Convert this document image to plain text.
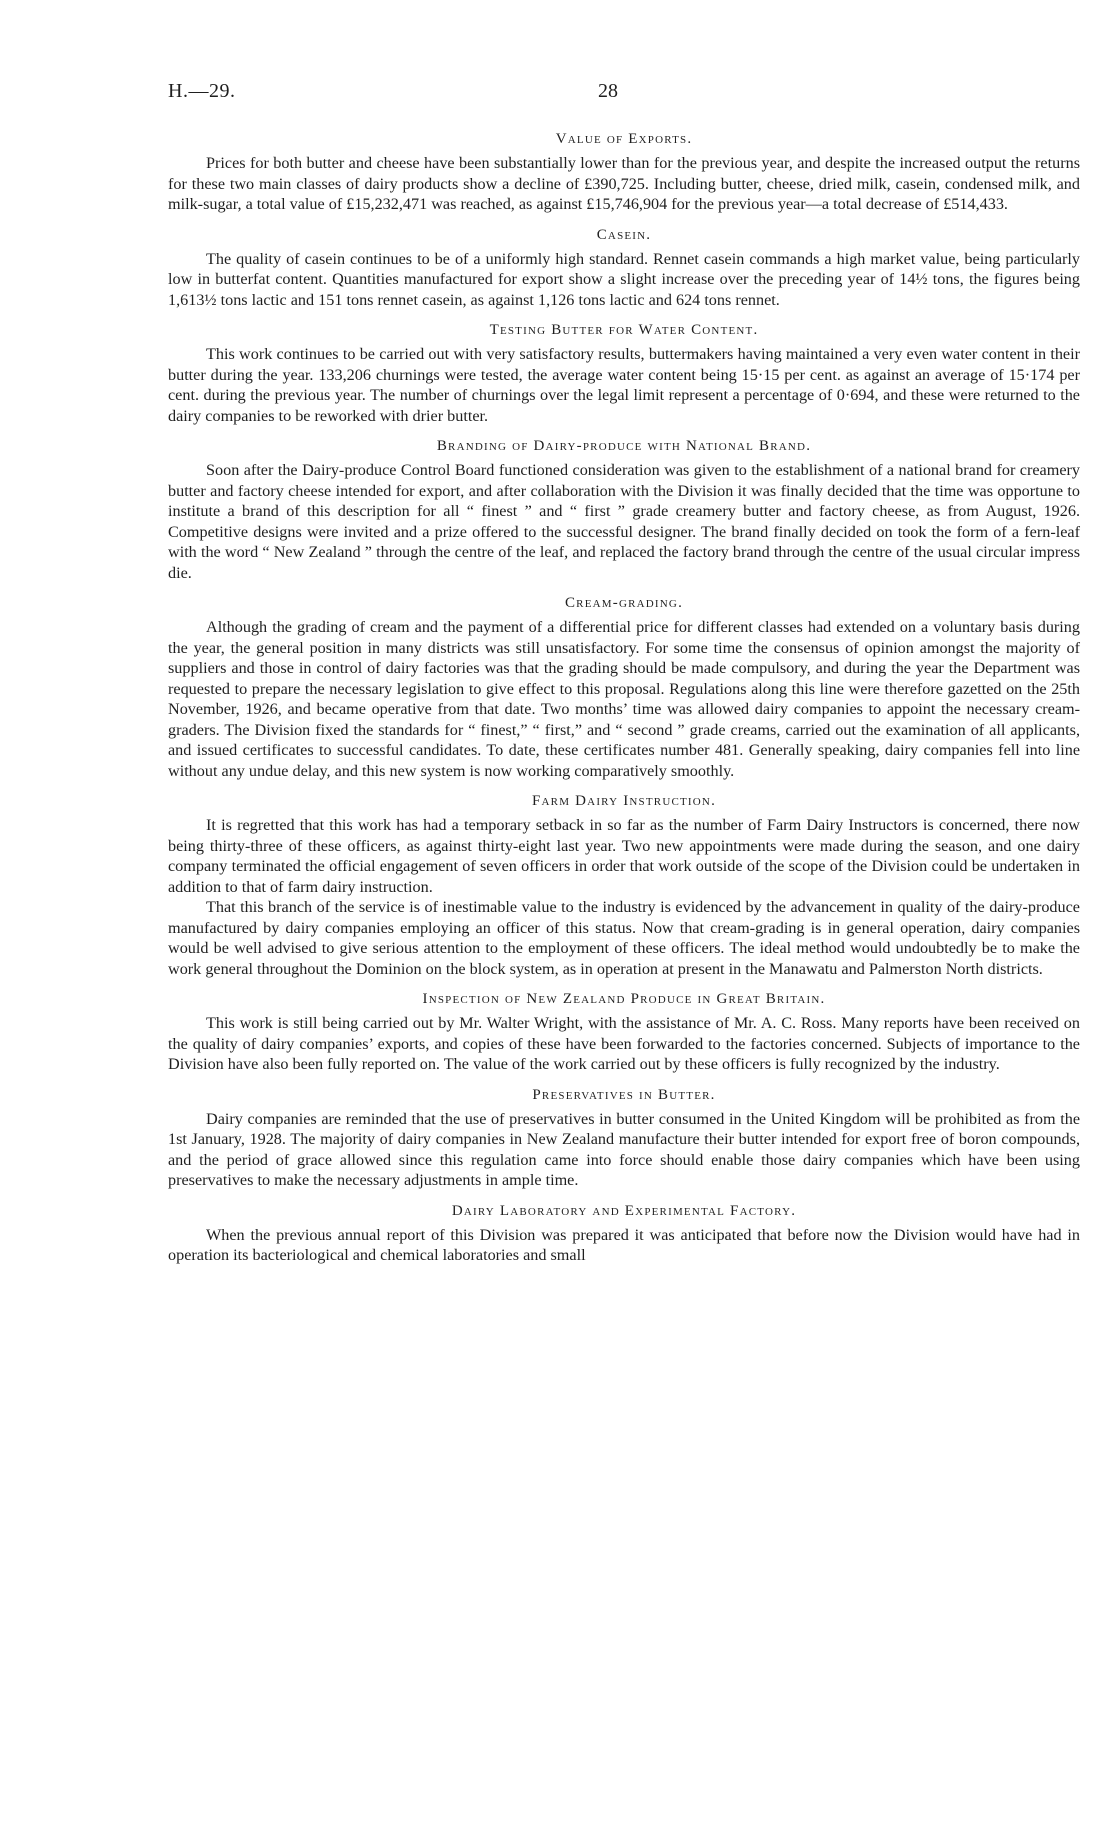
H.—29.	28
Value of Exports.

Prices for both butter and cheese have been substantially lower than for the previous year, and despite the increased output the returns for these two main classes of dairy products show a decline of £390,725. Including butter, cheese, dried milk, casein, condensed milk, and milk-sugar, a total value of £15,232,471 was reached, as against £15,746,904 for the previous year—a total decrease of £514,433.

Casein.

The quality of casein continues to be of a uniformly high standard. Rennet casein commands a high market value, being particularly low in butterfat content. Quantities manufactured for export show a slight increase over the preceding year of 14½ tons, the figures being 1,613½ tons lactic and 151 tons rennet casein, as against 1,126 tons lactic and 624 tons rennet.

Testing Butter for Water Content.

This work continues to be carried out with very satisfactory results, buttermakers having maintained a very even water content in their butter during the year. 133,206 churnings were tested, the average water content being 15·15 per cent. as against an average of 15·174 per cent. during the previous year. The number of churnings over the legal limit represent a percentage of 0·694, and these were returned to the dairy companies to be reworked with drier butter.

Branding of Dairy-produce with National Brand.

Soon after the Dairy-produce Control Board functioned consideration was given to the establishment of a national brand for creamery butter and factory cheese intended for export, and after collaboration with the Division it was finally decided that the time was opportune to institute a brand of this description for all “ finest ” and “ first ” grade creamery butter and factory cheese, as from August, 1926. Competitive designs were invited and a prize offered to the successful designer. The brand finally decided on took the form of a fern-leaf with the word “ New Zealand ” through the centre of the leaf, and replaced the factory brand through the centre of the usual circular impress die.

Cream-grading.

Although the grading of cream and the payment of a differential price for different classes had extended on a voluntary basis during the year, the general position in many districts was still unsatisfactory. For some time the consensus of opinion amongst the majority of suppliers and those in control of dairy factories was that the grading should be made compulsory, and during the year the Department was requested to prepare the necessary legislation to give effect to this proposal. Regulations along this line were therefore gazetted on the 25th November, 1926, and became operative from that date. Two months’ time was allowed dairy companies to appoint the necessary cream-graders. The Division fixed the standards for “ finest,” “ first,” and “ second ” grade creams, carried out the examination of all applicants, and issued certificates to successful candidates. To date, these certificates number 481. Generally speaking, dairy companies fell into line without any undue delay, and this new system is now working comparatively smoothly.

Farm Dairy Instruction.

It is regretted that this work has had a temporary setback in so far as the number of Farm Dairy Instructors is concerned, there now being thirty-three of these officers, as against thirty-eight last year. Two new appointments were made during the season, and one dairy company terminated the official engagement of seven officers in order that work outside of the scope of the Division could be undertaken in addition to that of farm dairy instruction.

That this branch of the service is of inestimable value to the industry is evidenced by the advancement in quality of the dairy-produce manufactured by dairy companies employing an officer of this status. Now that cream-grading is in general operation, dairy companies would be well advised to give serious attention to the employment of these officers. The ideal method would undoubtedly be to make the work general throughout the Dominion on the block system, as in operation at present in the Manawatu and Palmerston North districts.

Inspection of New Zealand Produce in Great Britain.

This work is still being carried out by Mr. Walter Wright, with the assistance of Mr. A. C. Ross. Many reports have been received on the quality of dairy companies’ exports, and copies of these have been forwarded to the factories concerned. Subjects of importance to the Division have also been fully reported on. The value of the work carried out by these officers is fully recognized by the industry.

Preservatives in Butter.

Dairy companies are reminded that the use of preservatives in butter consumed in the United Kingdom will be prohibited as from the 1st January, 1928. The majority of dairy companies in New Zealand manufacture their butter intended for export free of boron compounds, and the period of grace allowed since this regulation came into force should enable those dairy companies which have been using preservatives to make the necessary adjustments in ample time.

Dairy Laboratory and Experimental Factory.

When the previous annual report of this Division was prepared it was anticipated that before now the Division would have had in operation its bacteriological and chemical laboratories and small
